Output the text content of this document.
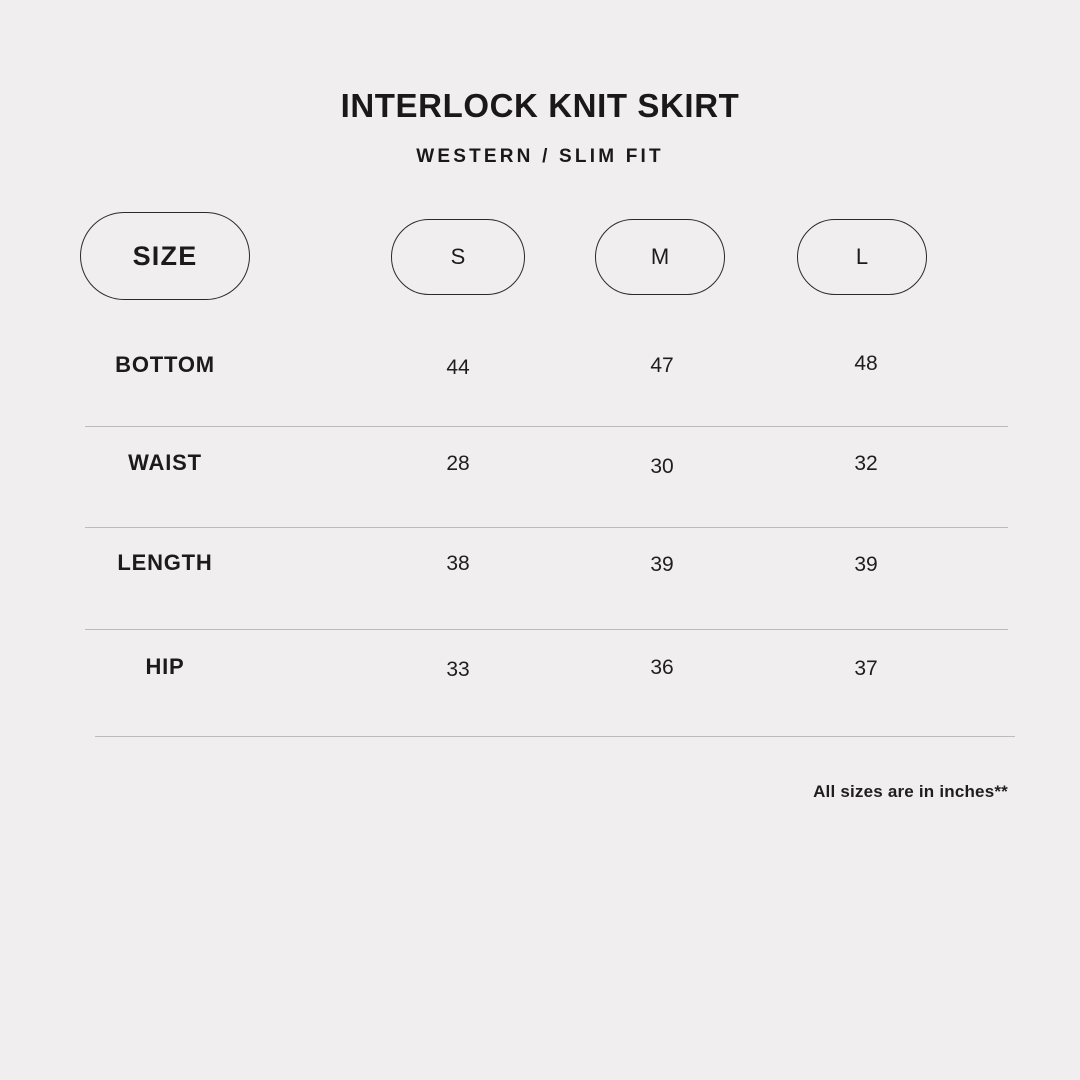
INTERLOCK KNIT SKIRT
WESTERN / SLIM FIT
SIZE	S	M	L
BOTTOM	44	47	48
WAIST	28	30	32
LENGTH	38	39	39
HIP	33	36	37
All sizes are in inches**
